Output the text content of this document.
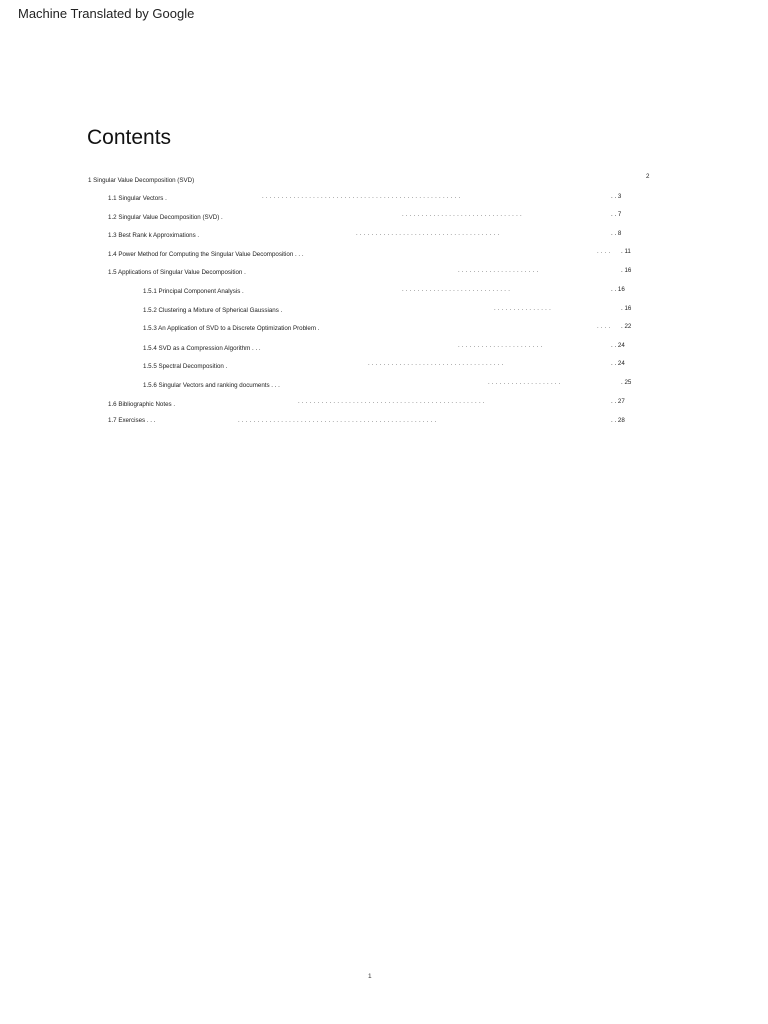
Machine Translated by Google
Contents
1 Singular Value Decomposition (SVD)
2
1.1 Singular Vectors .	. . . . . . . . . . . . . . . . . . . . . . . . . . . . . . . . . . . . . . . . . . . . . . . . . . .	. . 3
1.2 Singular Value Decomposition (SVD) .	. . . . . . . . . . . . . . . . . . . . . . . . . . . . . . .	. . 7
1.3 Best Rank k Approximations .	. . . . . . . . . . . . . . . . . . . . . . . . . . . . . . . . . . . . .	. . 8
1.4 Power Method for Computing the Singular Value Decomposition . . .	. . . . . 11
1.5 Applications of Singular Value Decomposition .	. . . . . . . . . . . . . . . . . . . . .	. 16
1.5.1 Principal Component Analysis .	. . . . . . . . . . . . . . . . . . . . . . . . . . . .	. . 16
1.5.2 Clustering a Mixture of Spherical Gaussians .	. . . . . . . . . . . . . . .	. 16
1.5.3 An Application of SVD to a Discrete Optimization Problem .	. . . . . 22
1.5.4 SVD as a Compression Algorithm . . .	. . . . . . . . . . . . . . . . . . . . . .	. . 24
1.5.5 Spectral Decomposition .	. . . . . . . . . . . . . . . . . . . . . . . . . . . . . . . . . . .	. . 24
1.5.6 Singular Vectors and ranking documents . . .	. . . . . . . . . . . . . . . . . . .	. 25
1.6 Bibliographic Notes .	. . . . . . . . . . . . . . . . . . . . . . . . . . . . . . . . . . . . . . . . . . . . . . . .	. . 27
1.7 Exercises . . .	. . . . . . . . . . . . . . . . . . . . . . . . . . . . . . . . . . . . . . . . . . . . . . . . . . .	. . 28
1
